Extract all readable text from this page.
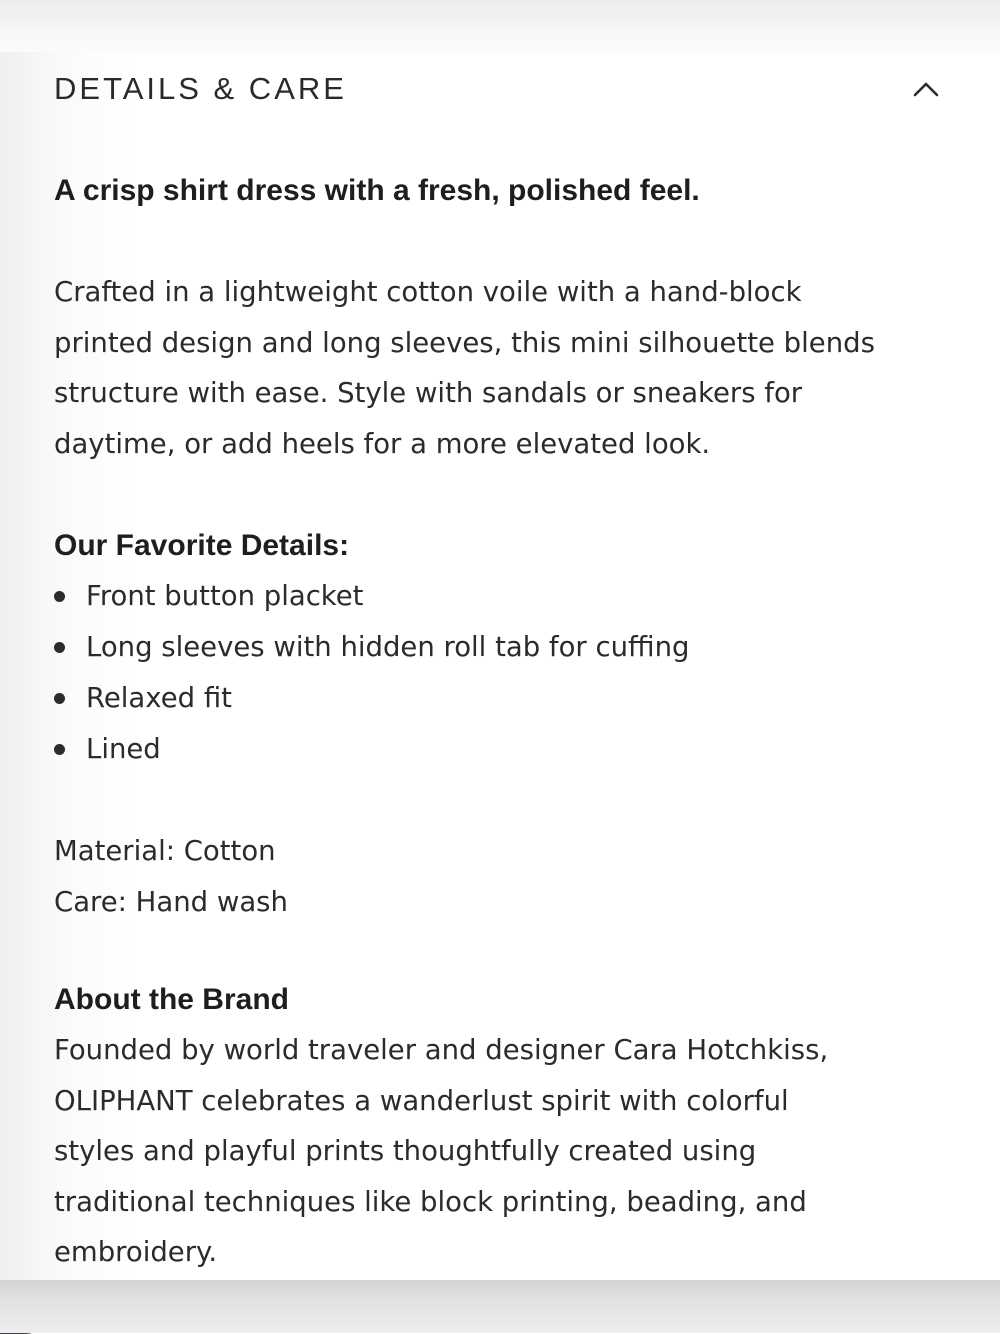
DETAILS & CARE

A crisp shirt dress with a fresh, polished feel.

Crafted in a lightweight cotton voile with a hand-block

printed design and long sleeves, this mini silhouette blends

structure with ease. Style with sandals or sneakers for

daytime, or add heels for a more elevated look.

Our Favorite Details:

Front button placket
Long sleeves with hidden roll tab for cuffing
Relaxed fit
Lined

Material: Cotton

Care: Hand wash

About the Brand

Founded by world traveler and designer Cara Hotchkiss,

OLIPHANT celebrates a wanderlust spirit with colorful

styles and playful prints thoughtfully created using

traditional techniques like block printing, beading, and

embroidery.
